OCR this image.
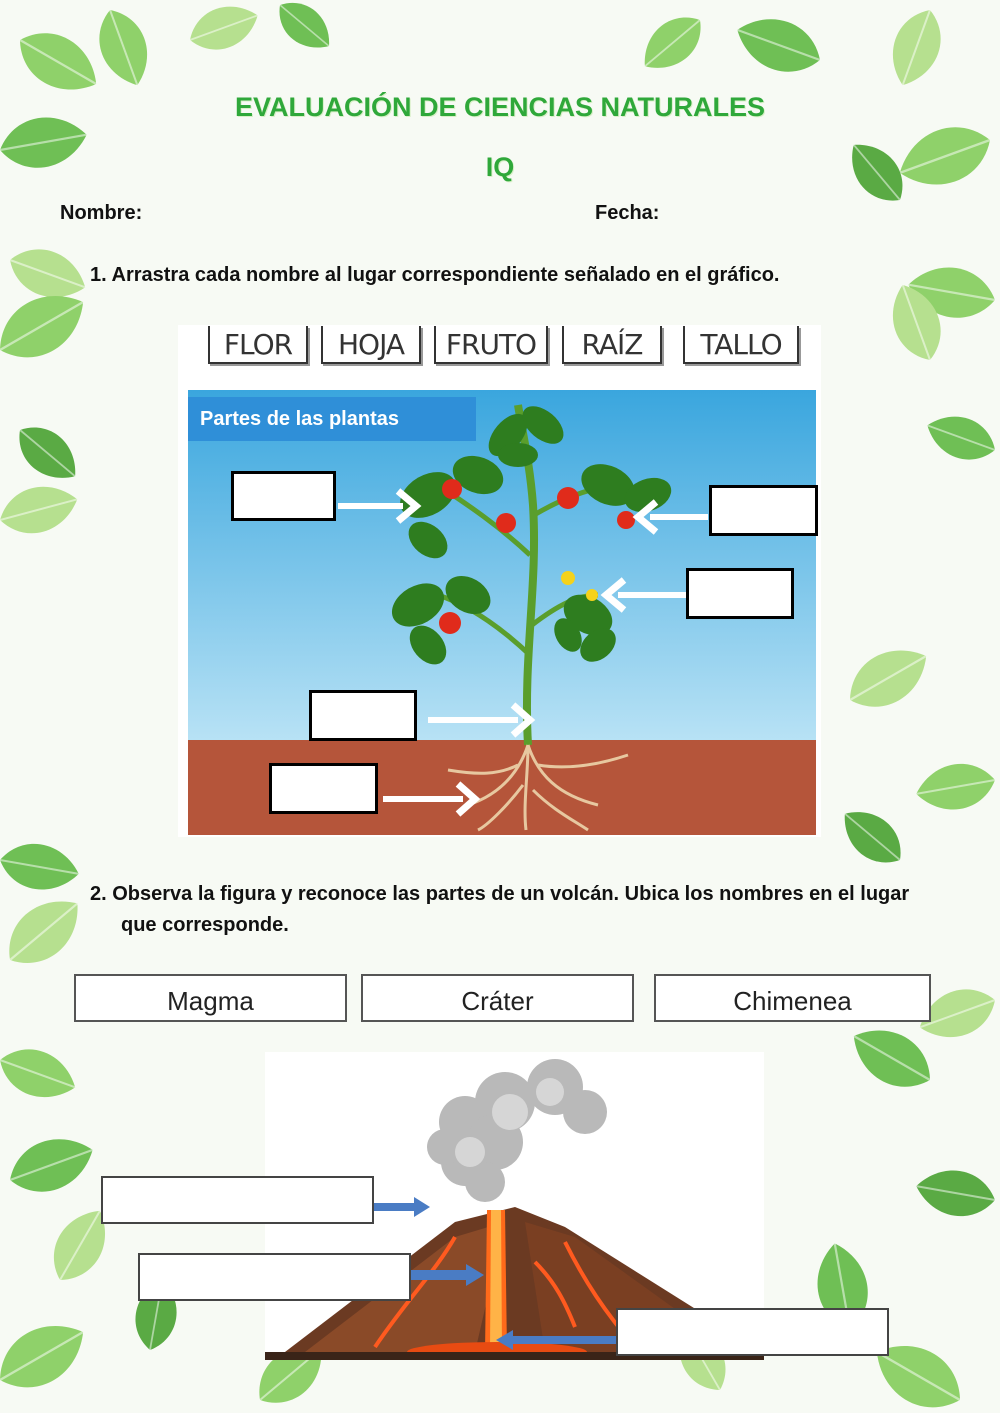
EVALUACIÓN DE CIENCIAS NATURALES
IQ
Nombre:	Fecha:
1. Arrastra cada nombre al lugar correspondiente señalado en el gráfico.
Partes de las plantas
FLOR	HOJA	FRUTO	RAÍZ	TALLO
2. Observa la figura y reconoce las partes de un volcán. Ubica los nombres en el lugar
que corresponde.
Magma	Cráter	Chimenea
